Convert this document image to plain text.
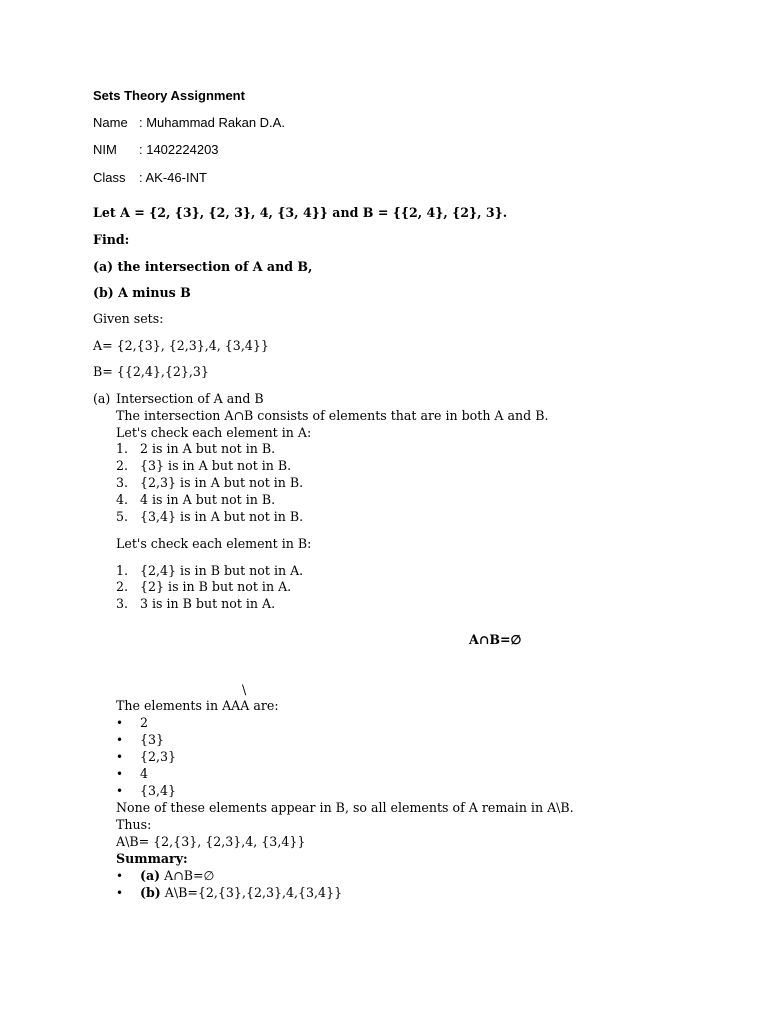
Sets Theory Assignment
Name : Muhammad Rakan D.A.
NIM : 1402224203
Class : AK-46-INT
Let A = {2, {3}, {2, 3}, 4, {3, 4}} and B = {{2, 4}, {2}, 3}.
Find:
(a) the intersection of A and B,
(b) A minus B
Given sets:
A= {2,{3}, {2,3},4, {3,4}}
B= {{2,4},{2},3}
(a) Intersection of A and B
The intersection A∩B consists of elements that are in both A and B.
Let's check each element in A:
1. 2 is in A but not in B.
2. {3} is in A but not in B.
3. {2,3} is in A but not in B.
4. 4 is in A but not in B.
5. {3,4} is in A but not in B.
Let's check each element in B:
1. {2,4} is in B but not in A.
2. {2} is in B but not in A.
3. 3 is in B but not in A.
A∩B=∅
\
The elements in AAA are:
• 2
• {3}
• {2,3}
• 4
• {3,4}
None of these elements appear in B, so all elements of A remain in A\B.
Thus:
A\B= {2,{3}, {2,3},4, {3,4}}
Summary:
• (a) A∩B=∅
• (b) A\B={2,{3},{2,3},4,{3,4}}
